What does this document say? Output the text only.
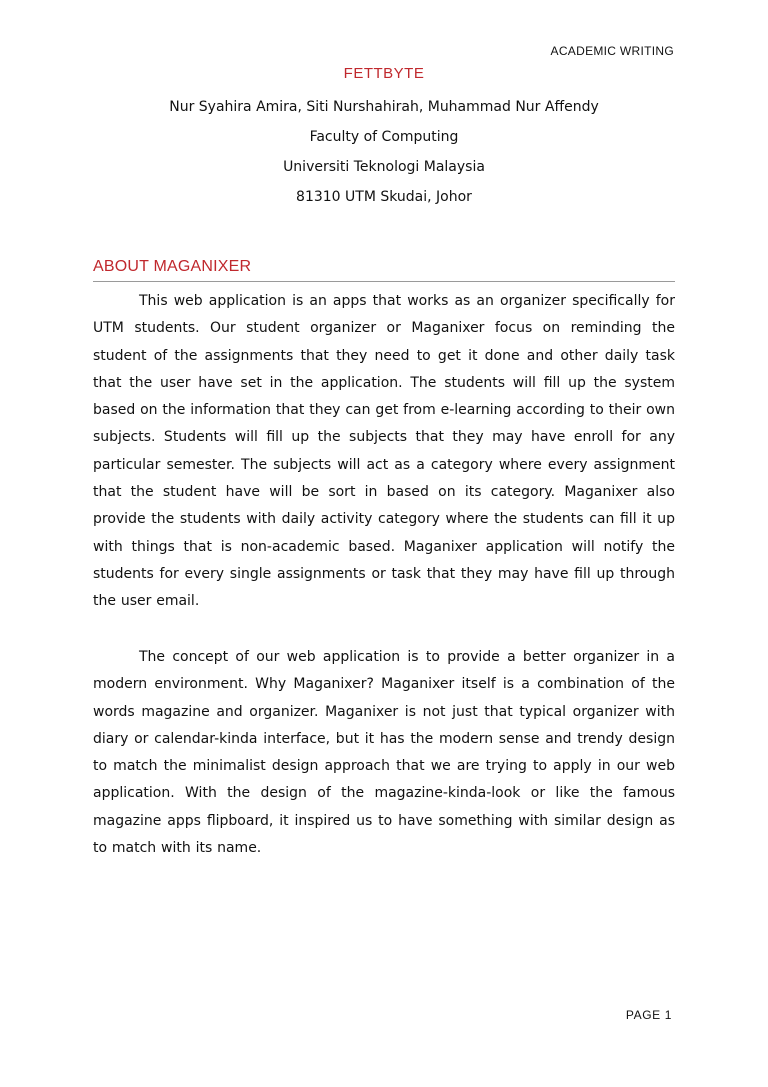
ACADEMIC WRITING

FETTBYTE

Nur Syahira Amira, Siti Nurshahirah, Muhammad Nur Affendy

Faculty of Computing

Universiti Teknologi Malaysia

81310 UTM Skudai, Johor

ABOUT MAGANIXER

This web application is an apps that works as an organizer specifically for UTM students. Our student organizer or Maganixer focus on reminding the student of the assignments that they need to get it done and other daily task that the user have set in the application. The students will fill up the system based on the information that they can get from e-learning according to their own subjects. Students will fill up the subjects that they may have enroll for any particular semester. The subjects will act as a category where every assignment that the student have will be sort in based on its category. Maganixer also provide the students with daily activity category where the students can fill it up with things that is non-academic based. Maganixer application will notify the students for every single assignments or task that they may have fill up through the user email.

The concept of our web application is to provide a better organizer in a modern environment. Why Maganixer? Maganixer itself is a combination of the words magazine and organizer. Maganixer is not just that typical organizer with diary or calendar-kinda interface, but it has the modern sense and trendy design to match the minimalist design approach that we are trying to apply in our web application. With the design of the magazine-kinda-look or like the famous magazine apps flipboard, it inspired us to have something with similar design as to match with its name.

PAGE 1
